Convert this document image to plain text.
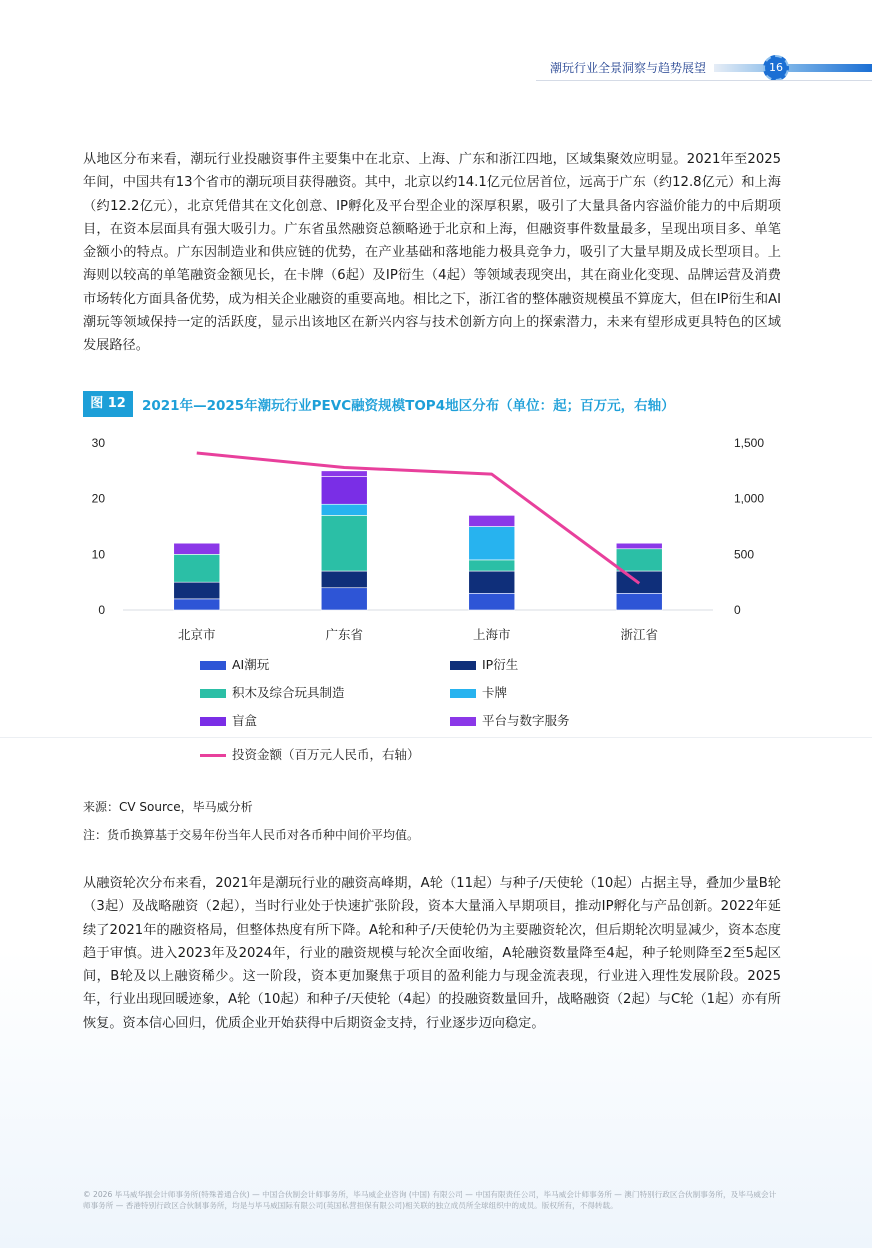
潮玩行业全景洞察与趋势展望	16
从地区分布来看，潮玩行业投融资事件主要集中在北京、上海、广东和浙江四地，区域集聚效应明显。2021年至2025年间，中国共有13个省市的潮玩项目获得融资。其中，北京以约14.1亿元位居首位，远高于广东（约12.8亿元）和上海（约12.2亿元），北京凭借其在文化创意、IP孵化及平台型企业的深厚积累，吸引了大量具备内容溢价能力的中后期项目，在资本层面具有强大吸引力。广东省虽然融资总额略逊于北京和上海，但融资事件数量最多，呈现出项目多、单笔金额小的特点。广东因制造业和供应链的优势，在产业基础和落地能力极具竞争力，吸引了大量早期及成长型项目。上海则以较高的单笔融资金额见长，在卡牌（6起）及IP衍生（4起）等领域表现突出，其在商业化变现、品牌运营及消费市场转化方面具备优势，成为相关企业融资的重要高地。相比之下，浙江省的整体融资规模虽不算庞大，但在IP衍生和AI潮玩等领域保持一定的活跃度，显示出该地区在新兴内容与技术创新方向上的探索潜力，未来有望形成更具特色的区域发展路径。
图 12	2021年—2025年潮玩行业PEVC融资规模TOP4地区分布（单位：起；百万元，右轴）
0
10
20
30
0
500
1,000
1,500
北京市	广东省	上海市	浙江省
AI潮玩	IP衍生
积木及综合玩具制造	卡牌
盲盒	平台与数字服务
投资金额（百万元人民币，右轴）
来源：CV Source，毕马威分析
注：货币换算基于交易年份当年人民币对各币种中间价平均值。
从融资轮次分布来看，2021年是潮玩行业的融资高峰期，A轮（11起）与种子/天使轮（10起）占据主导，叠加少量B轮（3起）及战略融资（2起），当时行业处于快速扩张阶段，资本大量涌入早期项目，推动IP孵化与产品创新。2022年延续了2021年的融资格局，但整体热度有所下降。A轮和种子/天使轮仍为主要融资轮次，但后期轮次明显减少，资本态度趋于审慎。进入2023年及2024年，行业的融资规模与轮次全面收缩，A轮融资数量降至4起，种子轮则降至2至5起区间，B轮及以上融资稀少。这一阶段，资本更加聚焦于项目的盈利能力与现金流表现，行业进入理性发展阶段。2025年，行业出现回暖迹象，A轮（10起）和种子/天使轮（4起）的投融资数量回升，战略融资（2起）与C轮（1起）亦有所恢复。资本信心回归，优质企业开始获得中后期资金支持，行业逐步迈向稳定。
© 2026 毕马威华振会计师事务所(特殊普通合伙) — 中国合伙制会计师事务所，毕马威企业咨询 (中国) 有限公司 — 中国有限责任公司，毕马威会计师事务所 — 澳门特别行政区合伙制事务所，及毕马威会计师事务所 — 香港特别行政区合伙制事务所，均是与毕马威国际有限公司(英国私营担保有限公司)相关联的独立成员所全球组织中的成员。版权所有，不得转载。
